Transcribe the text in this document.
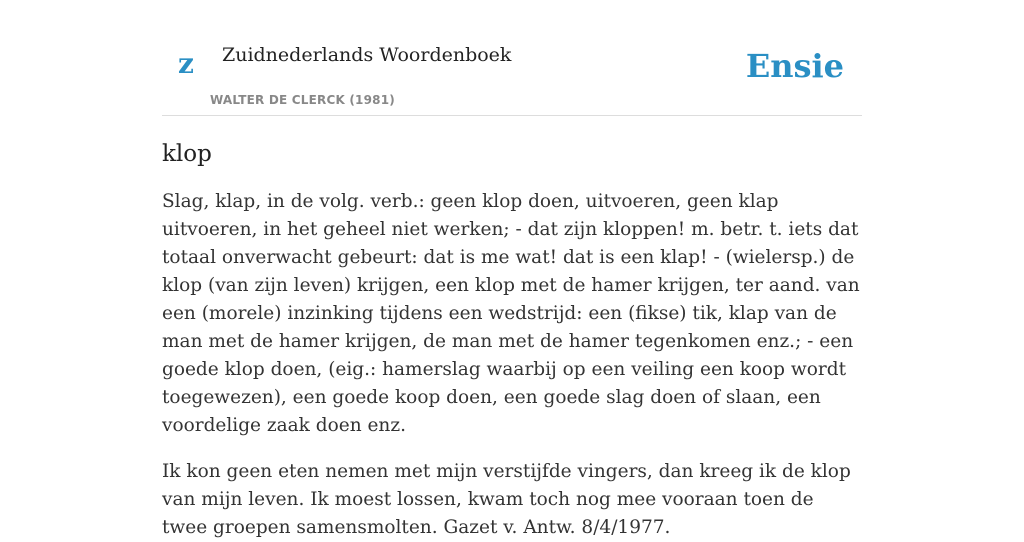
z Zuidnederlands Woordenboek
WALTER DE CLERCK (1981)
Ensie
klop

Slag, klap, in de volg. verb.: geen klop doen, uitvoeren, geen klap uitvoeren, in het geheel niet werken; - dat zijn kloppen! m. betr. t. iets dat totaal onverwacht gebeurt: dat is me wat! dat is een klap! - (wielersp.) de klop (van zijn leven) krijgen, een klop met de hamer krijgen, ter aand. van een (morele) inzinking tijdens een wedstrijd: een (fikse) tik, klap van de man met de hamer krijgen, de man met de hamer tegenkomen enz.; - een goede klop doen, (eig.: hamerslag waarbij op een veiling een koop wordt toegewezen), een goede koop doen, een goede slag doen of slaan, een voordelige zaak doen enz.

Ik kon geen eten nemen met mijn verstijfde vingers, dan kreeg ik de klop van mijn leven. Ik moest lossen, kwam toch nog mee vooraan toen de twee groepen samensmolten. Gazet v. Antw. 8/4/1977.
